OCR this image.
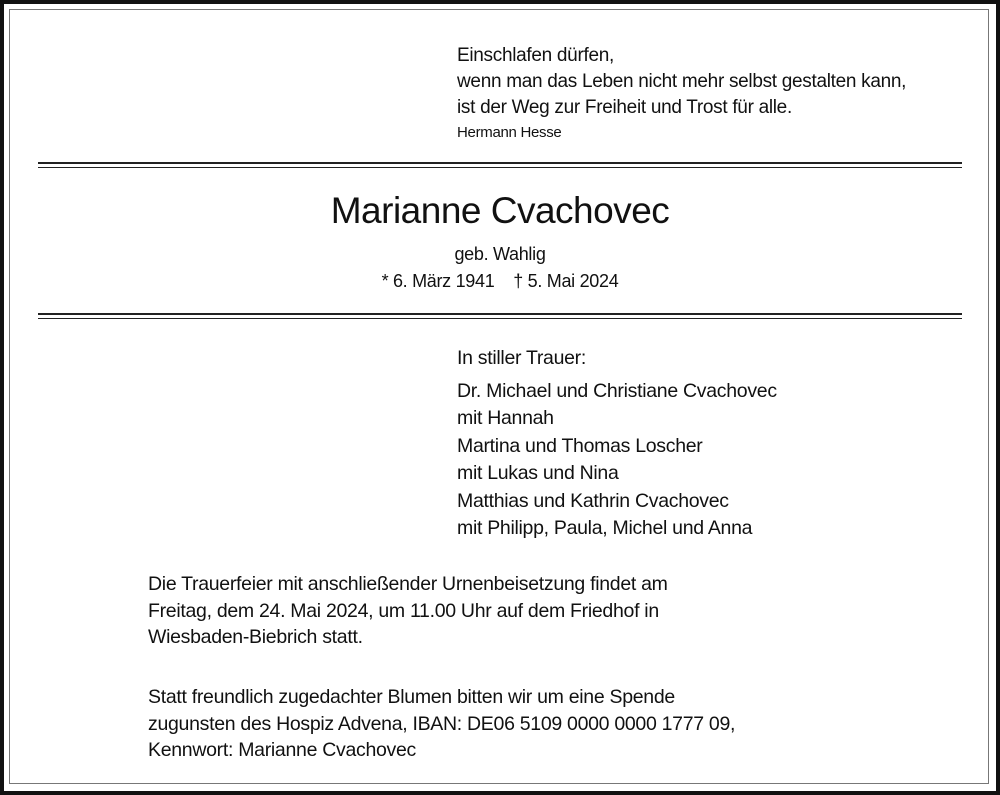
Einschlafen dürfen,
wenn man das Leben nicht mehr selbst gestalten kann,
ist der Weg zur Freiheit und Trost für alle.
Hermann Hesse
Marianne Cvachovec
geb. Wahlig
* 6. März 1941 † 5. Mai 2024
In stiller Trauer:
Dr. Michael und Christiane Cvachovec
mit Hannah
Martina und Thomas Loscher
mit Lukas und Nina
Matthias und Kathrin Cvachovec
mit Philipp, Paula, Michel und Anna
Die Trauerfeier mit anschließender Urnenbeisetzung findet am
Freitag, dem 24. Mai 2024, um 11.00 Uhr auf dem Friedhof in
Wiesbaden-Biebrich statt.
Statt freundlich zugedachter Blumen bitten wir um eine Spende
zugunsten des Hospiz Advena, IBAN: DE06 5109 0000 0000 1777 09,
Kennwort: Marianne Cvachovec
